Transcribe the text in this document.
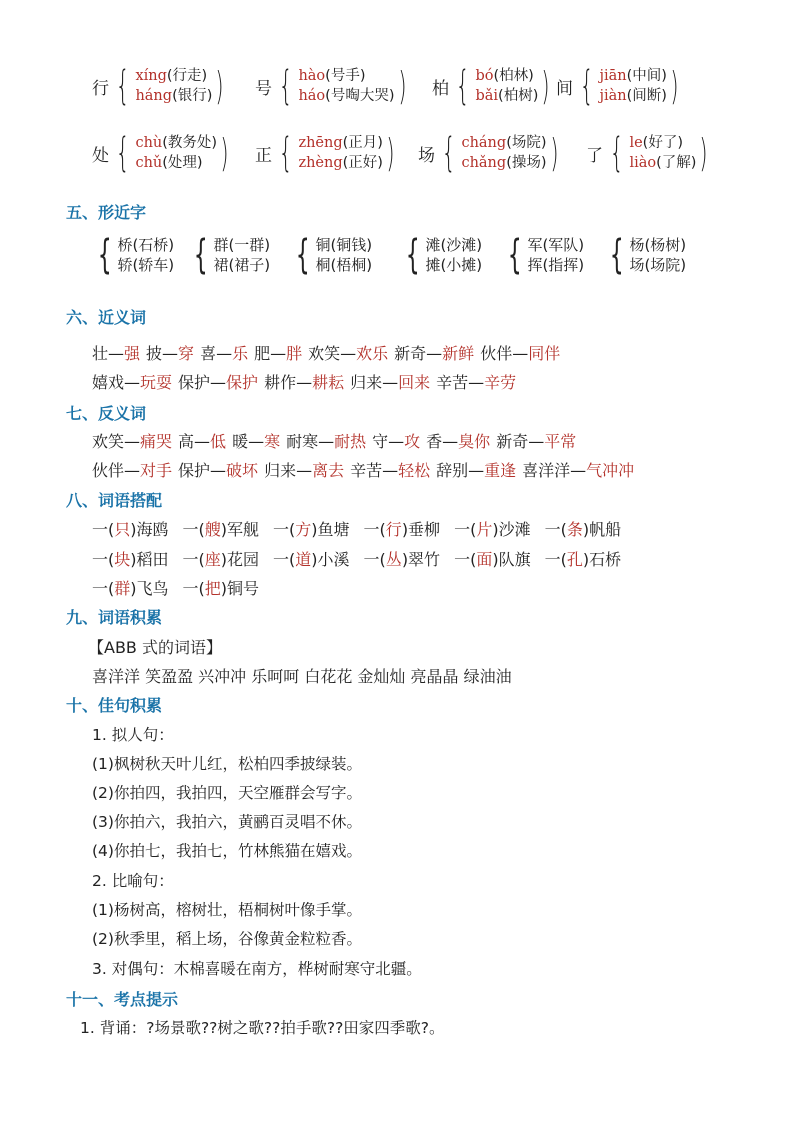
行 { xíng(行走)
háng(银行) ) 号 { hào(号手)
háo(号啕大哭) ) 柏 { bó(柏林)
bǎi(柏树) ) 间 { jiān(中间)
jiàn(间断) )
处 { chù(教务处)
chǔ(处理) ) 正 { zhēng(正月)
zhèng(正好) ) 场 { cháng(场院)
chǎng(操场) ) 了 { le(好了)
liào(了解) )
五、形近字
{ 桥(石桥)
轿(轿车) { 群(一群)
裙(裙子) { 铜(铜钱)
桐(梧桐) { 滩(沙滩)
摊(小摊) { 军(军队)
挥(指挥) { 杨(杨树)
场(场院)
六、近义词
壮—强 披—穿 喜—乐 肥—胖 欢笑—欢乐 新奇—新鲜 伙伴—同伴
嬉戏—玩耍 保护—保护 耕作—耕耘 归来—回来 辛苦—辛劳
七、反义词
欢笑—痛哭 高—低 暖—寒 耐寒—耐热 守—攻 香—臭你 新奇—平常
伙伴—对手 保护—破坏 归来—离去 辛苦—轻松 辞别—重逢 喜洋洋—气冲冲
八、词语搭配
一(只)海鸥 一(艘)军舰 一(方)鱼塘 一(行)垂柳 一(片)沙滩 一(条)帆船
一(块)稻田 一(座)花园 一(道)小溪 一(丛)翠竹 一(面)队旗 一(孔)石桥
一(群)飞鸟 一(把)铜号
九、词语积累
【ABB 式的词语】
喜洋洋 笑盈盈 兴冲冲 乐呵呵 白花花 金灿灿 亮晶晶 绿油油
十、佳句积累
1. 拟人句：
(1)枫树秋天叶儿红，松柏四季披绿装。
(2)你拍四，我拍四，天空雁群会写字。
(3)你拍六，我拍六，黄鹂百灵唱不休。
(4)你拍七，我拍七，竹林熊猫在嬉戏。
2. 比喻句：
(1)杨树高，榕树壮，梧桐树叶像手掌。
(2)秋季里，稻上场，谷像黄金粒粒香。
3. 对偶句：木棉喜暖在南方，桦树耐寒守北疆。
十一、考点提示
1. 背诵：?场景歌??树之歌??拍手歌??田家四季歌?。
